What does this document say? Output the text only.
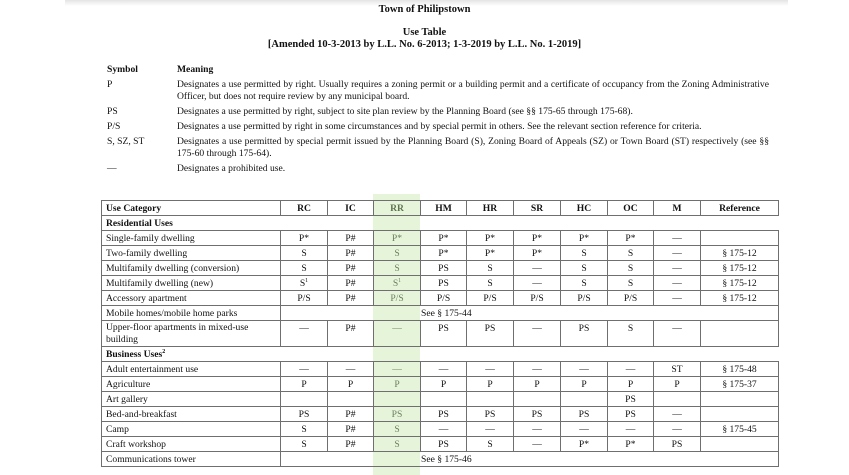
Town of Philipstown
Use Table
[Amended 10-3-2013 by L.L. No. 6-2013; 1-3-2019 by L.L. No. 1-2019]
Symbol	Meaning
P	Designates a use permitted by right. Usually requires a zoning permit or a building permit and a certificate of occupancy from the Zoning Administrative Officer, but does not require review by any municipal board.
PS	Designates a use permitted by right, subject to site plan review by the Planning Board (see §§ 175-65 through 175-68).
P/S	Designates a use permitted by right in some circumstances and by special permit in others. See the relevant section reference for criteria.
S, SZ, ST	Designates a use permitted by special permit issued by the Planning Board (S), Zoning Board of Appeals (SZ) or Town Board (ST) respectively (see §§ 175-60 through 175-64).
—	Designates a prohibited use.
Use Category	RC	IC	RR	HM	HR	SR	HC	OC	M	Reference
Residential Uses										
Single-family dwelling	P*	P#	P*	P*	P*	P*	P*	P*	—	
Two-family dwelling	S	P#	S	P*	P*	P*	S	S	—	§ 175-12
Multifamily dwelling (conversion)	S	P#	S	PS	S	—	S	S	—	§ 175-12
Multifamily dwelling (new)	$S^1$	P#	$S^1$	PS	S	—	S	S	—	§ 175-12
Accessory apartment	P/S	P#	P/S	P/S	P/S	P/S	P/S	P/S	—	§ 175-12
Mobile homes/mobile home parks	See § 175-44									
Upper-floor apartments in mixed-use building	—	P#	—	PS	PS	—	PS	S	—	
Business Uses$^2$
Adult entertainment use	—	—	—	—	—	—	—	—	ST	§ 175-48
Agriculture	P	P	P	P	P	P	P	P	P	§ 175-37
Art gallery								PS		
Bed-and-breakfast	PS	P#	PS	PS	PS	PS	PS	PS	—	
Camp	S	P#	S	—	—	—	—	—	—	§ 175-45
Craft workshop	S	P#	S	PS	S	—	P*	P*	PS	
Communications tower	See § 175-46									
